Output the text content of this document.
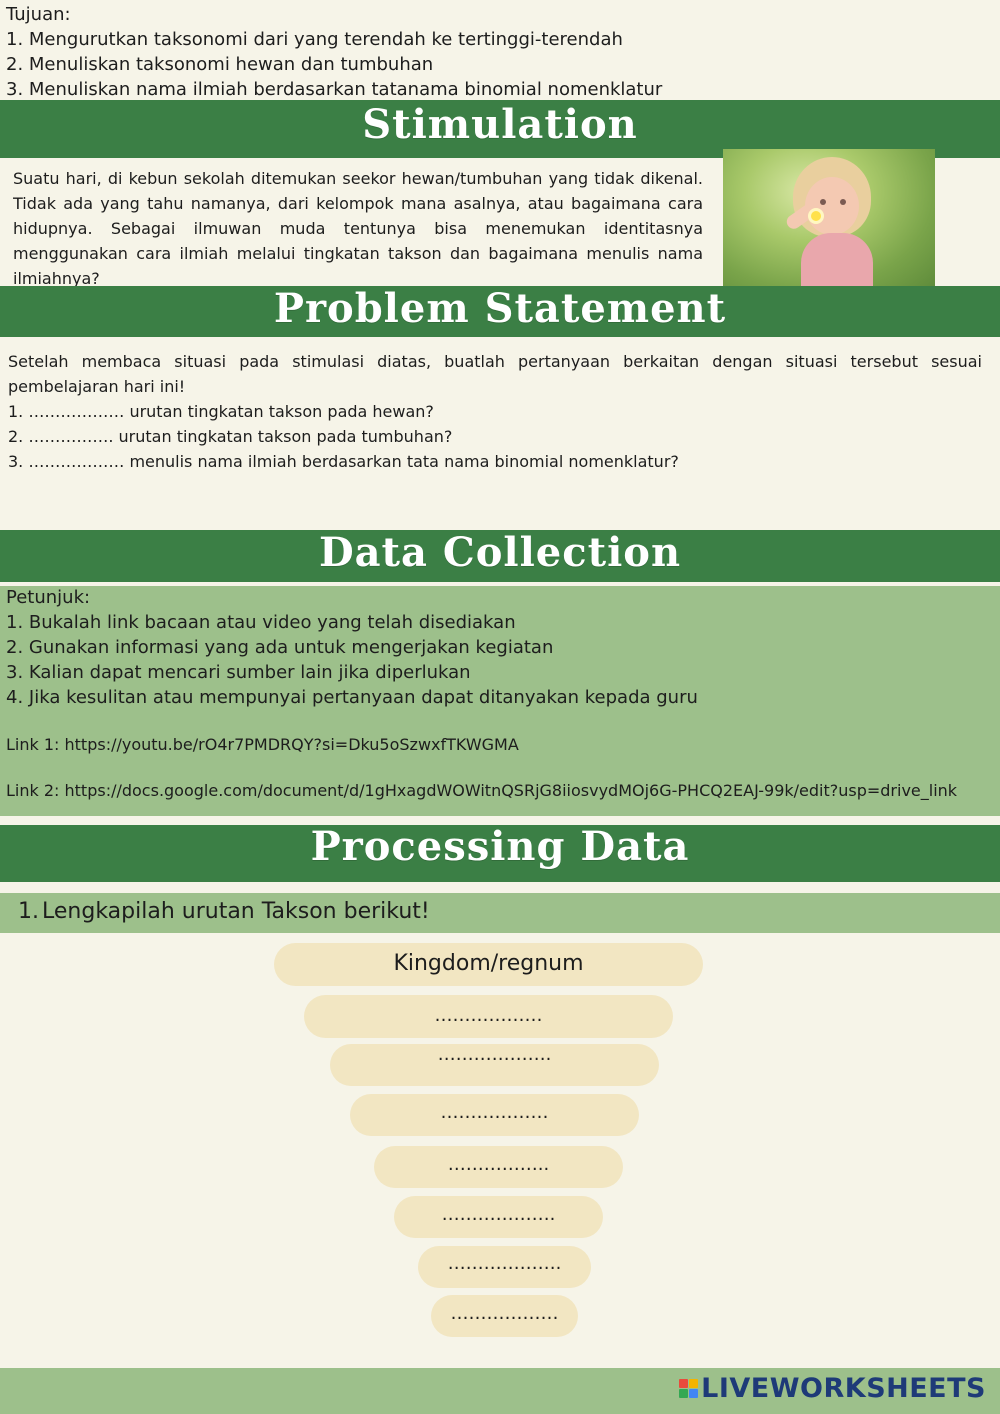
Tujuan:
1. Mengurutkan taksonomi dari yang terendah ke tertinggi-terendah
2. Menuliskan taksonomi hewan dan tumbuhan
3. Menuliskan nama ilmiah berdasarkan tatanama binomial nomenklatur
Stimulation
Suatu hari, di kebun sekolah ditemukan seekor hewan/tumbuhan yang tidak dikenal. Tidak ada yang tahu namanya, dari kelompok mana asalnya, atau bagaimana cara hidupnya. Sebagai ilmuwan muda tentunya bisa menemukan identitasnya menggunakan cara ilmiah melalui tingkatan takson dan bagaimana menulis nama ilmiahnya?
Problem Statement
Setelah membaca situasi pada stimulasi diatas, buatlah pertanyaan berkaitan dengan situasi tersebut sesuai pembelajaran hari ini!
1. ……………… urutan tingkatan takson pada hewan?
2. ……………. urutan tingkatan takson pada tumbuhan?
3. ……………… menulis nama ilmiah berdasarkan tata nama binomial nomenklatur?
Data Collection
Petunjuk:
1. Bukalah link bacaan atau video yang telah disediakan
2. Gunakan informasi yang ada untuk mengerjakan kegiatan
3. Kalian dapat mencari sumber lain jika diperlukan
4. Jika kesulitan atau mempunyai pertanyaan dapat ditanyakan kepada guru
Link 1: https://youtu.be/rO4r7PMDRQY?si=Dku5oSzwxfTKWGMA
Link 2: https://docs.google.com/document/d/1gHxagdWOWitnQSRjG8iiosvydMOj6G-PHCQ2EAJ-99k/edit?usp=drive_link
Processing Data
1. Lengkapilah urutan Takson berikut!
Kingdom/regnum
………………
……………….
………………
……………..
……………….
……………….
………………
LIVEWORKSHEETS
